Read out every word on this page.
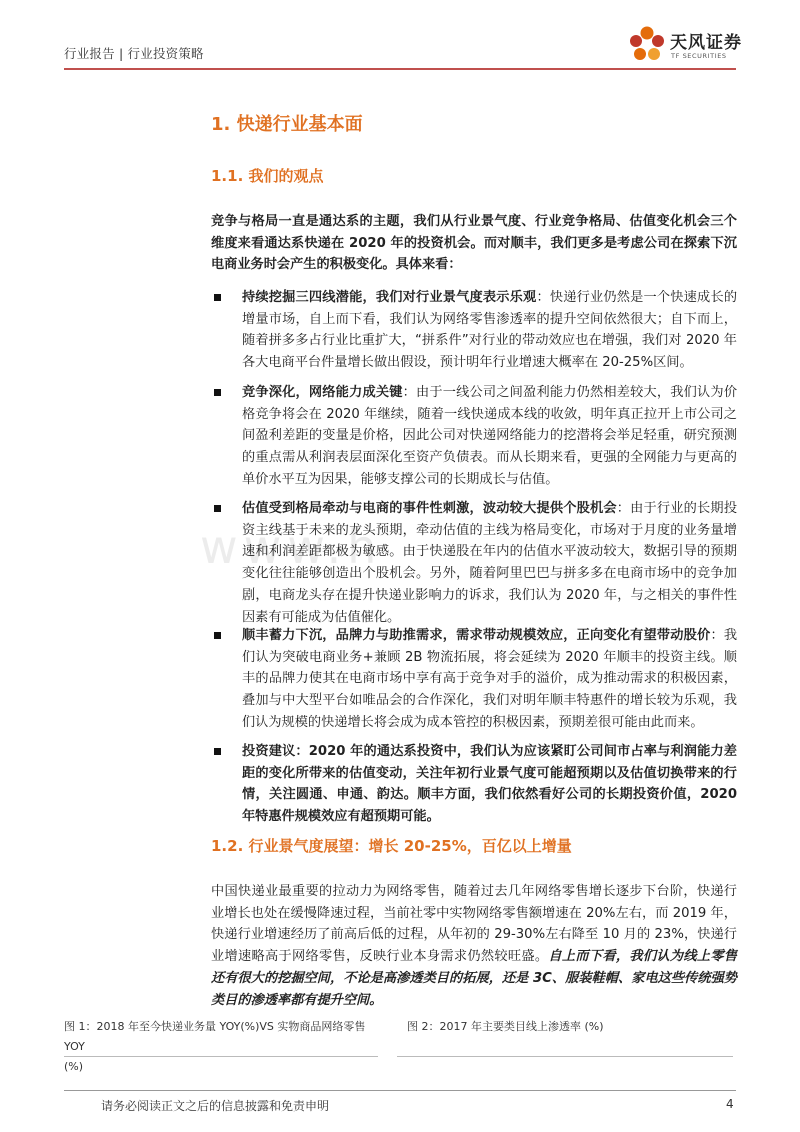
行业报告 | 行业投资策略
天风证券
TF SECURITIES
www.h
1. 快递行业基本面
1.1. 我们的观点
竞争与格局一直是通达系的主题，我们从行业景气度、行业竞争格局、估值变化机会三个维度来看通达系快递在 2020 年的投资机会。而对顺丰，我们更多是考虑公司在探索下沉电商业务时会产生的积极变化。具体来看：
持续挖掘三四线潜能，我们对行业景气度表示乐观：快递行业仍然是一个快速成长的增量市场，自上而下看，我们认为网络零售渗透率的提升空间依然很大；自下而上，随着拼多多占行业比重扩大，“拼系件”对行业的带动效应也在增强，我们对 2020 年各大电商平台件量增长做出假设，预计明年行业增速大概率在 20-25%区间。
竞争深化，网络能力成关键：由于一线公司之间盈利能力仍然相差较大，我们认为价格竞争将会在 2020 年继续，随着一线快递成本线的收敛，明年真正拉开上市公司之间盈利差距的变量是价格，因此公司对快递网络能力的挖潜将会举足轻重，研究预测的重点需从利润表层面深化至资产负债表。而从长期来看，更强的全网能力与更高的单价水平互为因果，能够支撑公司的长期成长与估值。
估值受到格局牵动与电商的事件性刺激，波动较大提供个股机会：由于行业的长期投资主线基于未来的龙头预期，牵动估值的主线为格局变化，市场对于月度的业务量增速和利润差距都极为敏感。由于快递股在年内的估值水平波动较大，数据引导的预期变化往往能够创造出个股机会。另外，随着阿里巴巴与拼多多在电商市场中的竞争加剧，电商龙头存在提升快递业影响力的诉求，我们认为 2020 年，与之相关的事件性因素有可能成为估值催化。
顺丰蓄力下沉，品牌力与助推需求，需求带动规模效应，正向变化有望带动股价：我们认为突破电商业务+兼顾 2B 物流拓展，将会延续为 2020 年顺丰的投资主线。顺丰的品牌力使其在电商市场中享有高于竞争对手的溢价，成为推动需求的积极因素，叠加与中大型平台如唯品会的合作深化，我们对明年顺丰特惠件的增长较为乐观，我们认为规模的快递增长将会成为成本管控的积极因素，预期差很可能由此而来。
投资建议：2020 年的通达系投资中，我们认为应该紧盯公司间市占率与利润能力差距的变化所带来的估值变动，关注年初行业景气度可能超预期以及估值切换带来的行情，关注圆通、申通、韵达。顺丰方面，我们依然看好公司的长期投资价值，2020 年特惠件规模效应有超预期可能。
1.2. 行业景气度展望：增长 20-25%，百亿以上增量
中国快递业最重要的拉动力为网络零售，随着过去几年网络零售增长逐步下台阶，快递行业增长也处在缓慢降速过程，当前社零中实物网络零售额增速在 20%左右，而 2019 年，快递行业增速经历了前高后低的过程，从年初的 29-30%左右降至 10 月的 23%，快递行业增速略高于网络零售，反映行业本身需求仍然较旺盛。自上而下看，我们认为线上零售还有很大的挖掘空间，不论是高渗透类目的拓展，还是 3C、服装鞋帽、家电这些传统强势类目的渗透率都有提升空间。
图 1：2018 年至今快递业务量 YOY(%)VS 实物商品网络零售 YOY
(%)
图 2：2017 年主要类目线上渗透率 (%)
请务必阅读正文之后的信息披露和免责申明	4
